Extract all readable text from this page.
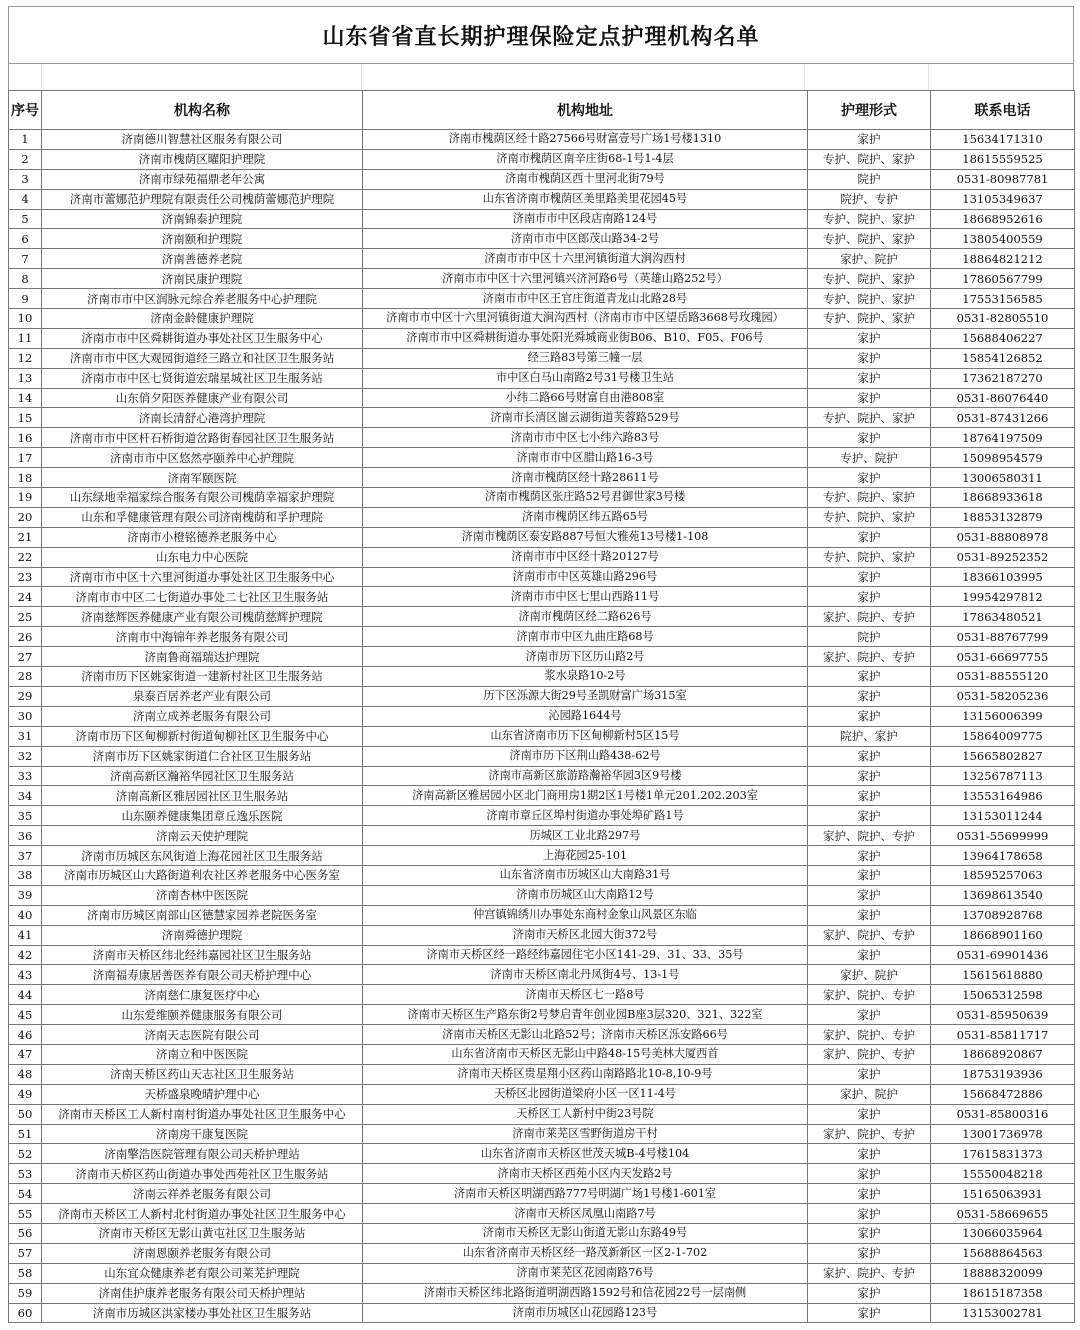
山东省省直长期护理保险定点护理机构名单
序号	机构名称	机构地址	护理形式	联系电话
1	济南德川智慧社区服务有限公司	济南市槐荫区经十路27566号财富壹号广场1号楼1310	家护	15634171310
2	济南市槐荫区曜阳护理院	济南市槐荫区南辛庄街68-1号1-4层	专护、院护、家护	18615559525
3	济南市绿苑福鼎老年公寓	济南市槐荫区西十里河北街79号	院护	0531-80987781
4	济南市蕾娜范护理院有限责任公司槐荫蕾娜范护理院	山东省济南市槐荫区美里路美里花园45号	院护、专护	13105349637
5	济南锦泰护理院	济南市市中区段店南路124号	专护、院护、家护	18668952616
6	济南颐和护理院	济南市市中区郎茂山路34-2号	专护、院护、家护	13805400559
7	济南善德养老院	济南市市中区十六里河镇街道大涧沟西村	家护、院护	18864821212
8	济南民康护理院	济南市市中区十六里河镇兴济河路6号（英雄山路252号）	专护、院护、家护	17860567799
9	济南市市中区润脉元综合养老服务中心护理院	济南市市中区王官庄街道青龙山北路28号	专护、院护、家护	17553156585
10	济南金龄健康护理院	济南市市中区十六里河镇街道大涧沟西村（济南市市中区望岳路3668号玫瑰园）	专护、院护、家护	0531-82805510
11	济南市市中区舜耕街道办事处社区卫生服务中心	济南市市中区舜耕街道办事处阳光舜城商业街B06、B10、F05、F06号	家护	15688406227
12	济南市市中区大观园街道经三路立和社区卫生服务站	经三路83号第三幢一层	家护	15854126852
13	济南市市中区七贤街道宏瑞星城社区卫生服务站	市中区白马山南路2号31号楼卫生站	家护	17362187270
14	山东俏夕阳医养健康产业有限公司	小纬二路66号财富自由港808室	家护	0531-86076440
15	济南长清舒心港湾护理院	济南市长清区崮云湖街道芙蓉路529号	专护、院护、家护	0531-87431266
16	济南市市中区杆石桥街道岔路街春园社区卫生服务站	济南市市中区七小纬六路83号	家护	18764197509
17	济南市市中区悠然亭颐养中心护理院	济南市市中区腊山路16-3号	专护、院护	15098954579
18	济南军颐医院	济南市槐荫区经十路28611号	家护	13006580311
19	山东绿地幸福家综合服务有限公司槐荫幸福家护理院	济南市槐荫区张庄路52号君御世家3号楼	专护、院护、家护	18668933618
20	山东和孚健康管理有限公司济南槐荫和孚护理院	济南市槐荫区纬五路65号	专护、院护、家护	18853132879
21	济南市小橙铭德养老服务中心	济南市槐荫区泰安路887号恒大雅苑13号楼1-108	家护	0531-88808978
22	山东电力中心医院	济南市市中区经十路20127号	专护、院护、家护	0531-89252352
23	济南市市中区十六里河街道办事处社区卫生服务中心	济南市市中区英雄山路296号	家护	18366103995
24	济南市市中区二七街道办事处二七社区卫生服务站	济南市市中区七里山西路11号	家护	19954297812
25	济南慈辉医养健康产业有限公司槐荫慈辉护理院	济南市槐荫区经二路626号	家护、院护、专护	17863480521
26	济南市中海锦年养老服务有限公司	济南市市中区九曲庄路68号	院护	0531-88767799
27	济南鲁商福瑞达护理院	济南市历下区历山路2号	家护、院护、专护	0531-66697755
28	济南市历下区姚家街道一建新村社区卫生服务站	浆水泉路10-2号	家护	0531-88555120
29	泉泰百居养老产业有限公司	历下区泺源大街29号圣凯财富广场315室	家护	0531-58205236
30	济南立成养老服务有限公司	沁园路1644号	家护	13156006399
31	济南市历下区甸柳新村街道甸柳社区卫生服务中心	山东省济南市历下区甸柳新村5区15号	院护、家护	15864009775
32	济南市历下区姚家街道仁合社区卫生服务站	济南市历下区荆山路438-62号	家护	15665802827
33	济南高新区瀚裕华园社区卫生服务站	济南市高新区旅游路瀚裕华园3区9号楼	家护	13256787113
34	济南高新区雅居园社区卫生服务站	济南高新区雅居园小区北门商用房1期2区1号楼1单元201.202.203室	家护	13553164986
35	山东颐养健康集团章丘逸乐医院	济南市章丘区埠村街道办事处埠矿路1号	家护	13153011244
36	济南云天使护理院	历城区工业北路297号	家护、院护、专护	0531-55699999
37	济南市历城区东风街道上海花园社区卫生服务站	上海花园25-101	家护	13964178658
38	济南市历城区山大路街道利农社区养老服务中心医务室	山东省济南市历城区山大南路31号	家护	18595257063
39	济南杏林中医医院	济南市历城区山大南路12号	家护	13698613540
40	济南市历城区南部山区德慧家园养老院医务室	仲宫镇锦绣川办事处东商村金象山风景区东临	家护	13708928768
41	济南舜德护理院	济南市天桥区北园大街372号	家护、院护、专护	18668901160
42	济南市天桥区纬北经纬嘉园社区卫生服务站	济南市天桥区经一路经纬嘉园住宅小区141-29、31、33、35号	家护	0531-69901436
43	济南福寿康居善医养有限公司天桥护理中心	济南市天桥区南北丹凤街4号、13-1号	家护、院护	15615618880
44	济南慈仁康复医疗中心	济南市天桥区七一路8号	家护、院护、专护	15065312598
45	山东爱维颐养健康服务有限公司	济南市天桥区生产路东街2号梦启青年创业园B座3层320、321、322室	家护	0531-85950639
46	济南天志医院有限公司	济南市天桥区无影山北路52号；济南市天桥区泺安路66号	家护、院护、专护	0531-85811717
47	济南立和中医医院	山东省济南市天桥区无影山中路48-15号美林大厦西首	家护、院护、专护	18668920867
48	济南天桥区药山天志社区卫生服务站	济南市天桥区贵星翔小区药山南路路北10-8,10-9号	家护	18753193936
49	天桥盛泉晚晴护理中心	天桥区北园街道梁府小区一区11-4号	家护、院护	15668472886
50	济南市天桥区工人新村南村街道办事处社区卫生服务中心	天桥区工人新村中街23号院	家护	0531-85800316
51	济南房干康复医院	济南市莱芜区雪野街道房干村	家护、院护、专护	13001736978
52	济南擎浩医院管理有限公司天桥护理站	山东省济南市天桥区世茂天城B-4号楼104	家护	17615831373
53	济南市天桥区药山街道办事处西苑社区卫生服务站	济南市天桥区西苑小区内天发路2号	家护	15550048218
54	济南云祥养老服务有限公司	济南市天桥区明湖西路777号明湖广场1号楼1-601室	家护	15165063931
55	济南市天桥区工人新村北村街道办事处社区卫生服务中心	济南市天桥区凤凰山南路7号	家护	0531-58669655
56	济南市天桥区无影山黄屯社区卫生服务站	济南市天桥区无影山街道无影山东路49号	家护	13066035964
57	济南恩颐养老服务有限公司	山东省济南市天桥区经一路茂新新区一区2-1-702	家护	15688864563
58	山东宜众健康养老有限公司莱芜护理院	济南市莱芜区花园南路76号	家护、院护、专护	18888320099
59	济南佳护康养老服务有限公司天桥护理站	济南市天桥区纬北路街道明湖西路1592号和信花园22号一层南侧	家护	18615187358
60	济南市历城区洪家楼办事处社区卫生服务站	济南市历城区山花园路123号	家护	13153002781
